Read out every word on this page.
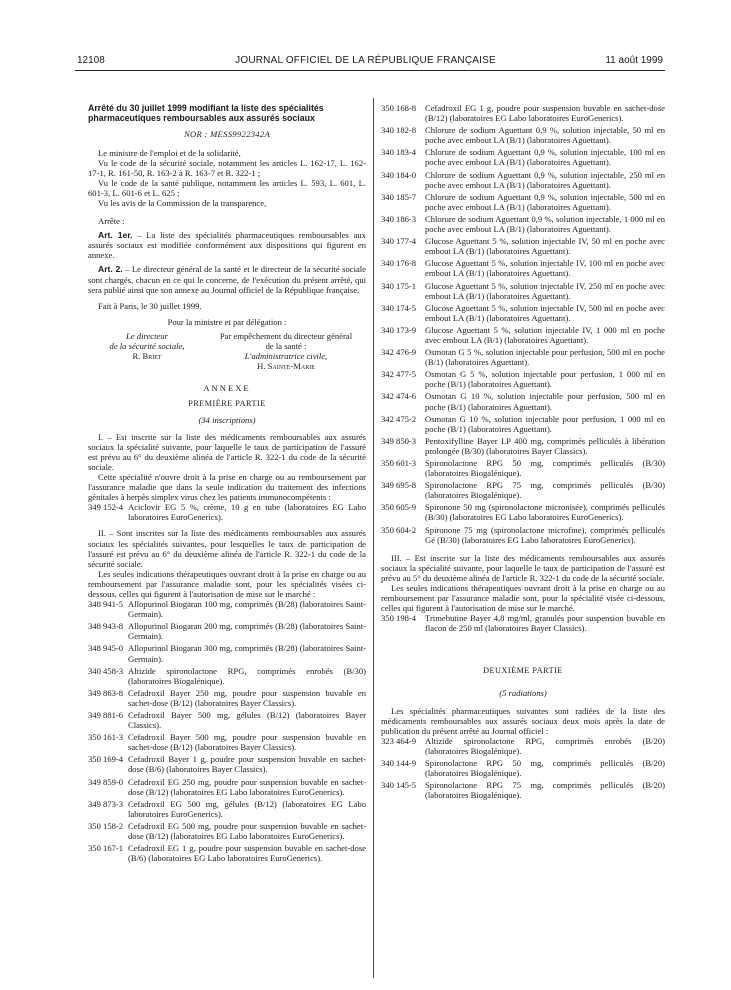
12108	JOURNAL OFFICIEL DE LA RÉPUBLIQUE FRANÇAISE	11 août 1999
Arrêté du 30 juillet 1999 modifiant la liste des spécialités pharmaceutiques remboursables aux assurés sociaux
NOR : MESS9922342A

Le ministre de l'emploi et de la solidarité,

Vu le code de la sécurité sociale, notamment les articles L. 162-17, L. 162-17-1, R. 161-50, R. 163-2 à R. 163-7 et R. 322-1 ;

Vu le code de la santé publique, notamment les articles L. 593, L. 601, L. 601-3, L. 601-6 et L. 625 ;

Vu les avis de la Commission de la transparence,

Arrête :

Art. 1er. – La liste des spécialités pharmaceutiques remboursables aux assurés sociaux est modifiée conformément aux dispositions qui figurent en annexe.

Art. 2. – Le directeur général de la santé et le directeur de la sécurité sociale sont chargés, chacun en ce qui le concerne, de l'exécution du présent arrêté, qui sera publié ainsi que son annexe au Journal officiel de la République française.

Fait à Paris, le 30 juillet 1999.

Pour la ministre et par délégation :

Le directeur
de la sécurité sociale,
R. Briet
Par empêchement du directeur général
de la santé :
L'administratrice civile,
H. Sainte-Marie
ANNEXE
PREMIÈRE PARTIE
(34 inscriptions)

I. – Est inscrite sur la liste des médicaments remboursables aux assurés sociaux la spécialité suivante, pour laquelle le taux de participation de l'assuré est prévu au 6° du deuxième alinéa de l'article R. 322-1 du code de la sécurité sociale.

Cette spécialité n'ouvre droit à la prise en charge ou au remboursement par l'assurance maladie que dans la seule indication du traitement des infections génitales à herpès simplex virus chez les patients immunocompétents :

349 152-4 Aciclovir EG 5 %, crème, 10 g en tube (laboratoires EG Labo laboratoires EuroGenerics).

II. – Sont inscrites sur la liste des médicaments remboursables aux assurés sociaux les spécialités suivantes, pour lesquelles le taux de participation de l'assuré est prévu au 6° du deuxième alinéa de l'article R. 322-1 du code de la sécurité sociale.

Les seules indications thérapeutiques ouvrant droit à la prise en charge ou au remboursement par l'assurance maladie sont, pour les spécialités visées ci-dessous, celles qui figurent à l'autorisation de mise sur le marché :

348 941-5 Allopurinol Biogaran 100 mg, comprimés (B/28) (laboratoires Saint-Germain).
348 943-8 Allopurinol Biogaran 200 mg, comprimés (B/28) (laboratoires Saint-Germain).
348 945-0 Allopurinol Biogaran 300 mg, comprimés (B/28) (laboratoires Saint-Germain).
340 458-3 Altizide spironolactone RPG, comprimés enrobés (B/30) (laboratoires Biogalénique).
349 863-8 Cefadroxil Bayer 250 mg, poudre pour suspension buvable en sachet-dose (B/12) (laboratoires Bayer Classics).
349 881-6 Cefadroxil Bayer 500 mg, gélules (B/12) (laboratoires Bayer Classics).
350 161-3 Cefadroxil Bayer 500 mg, poudre pour suspension buvable en sachet-dose (B/12) (laboratoires Bayer Classics).
350 169-4 Cefadroxil Bayer 1 g, poudre pour suspension buvable en sachet-dose (B/6) (laboratoires Bayer Classics).
349 859-0 Cefadroxil EG 250 mg, poudre pour suspension buvable en sachet-dose (B/12) (laboratoires EG Labo laboratoires EuroGenerics).
349 873-3 Cefadroxil EG 500 mg, gélules (B/12) (laboratoires EG Labo laboratoires EuroGenerics).
350 158-2 Cefadroxil EG 500 mg, poudre pour suspension buvable en sachet-dose (B/12) (laboratoires EG Labo laboratoires EuroGenerics).
350 167-1 Cefadroxil EG 1 g, poudre pour suspension buvable en sachet-dose (B/6) (laboratoires EG Labo laboratoires EuroGenerics).
350 168-8	Cefadroxil EG 1 g, poudre pour suspension buvable en sachet-dose (B/12) (laboratoires EG Labo laboratoires EuroGenerics).
340 182-8	Chlorure de sodium Aguettant 0,9 %, solution injectable, 50 ml en poche avec embout LA (B/1) (laboratoires Aguettant).
340 183-4	Chlorure de sodium Aguettant 0,9 %, solution injectable, 100 ml en poche avec embout LA (B/1) (laboratoires Aguettant).
340 184-0	Chlorure de sodium Aguettant 0,9 %, solution injectable, 250 ml en poche avec embout LA (B/1) (laboratoires Aguettant).
340 185-7	Chlorure de sodium Aguettant 0,9 %, solution injectable, 500 ml en poche avec embout LA (B/1) (laboratoires Aguettant).
340 186-3	Chlorure de sodium Aguettant 0,9 %, solution injectable, 1 000 ml en poche avec embout LA (B/1) (laboratoires Aguettant).
340 177-4	Glucose Aguettant 5 %, solution injectable IV, 50 ml en poche avec embout LA (B/1) (laboratoires Aguettant).
340 176-8	Glucose Aguettant 5 %, solution injectable IV, 100 ml en poche avec embout LA (B/1) (laboratoires Aguettant).
340 175-1	Glucose Aguettant 5 %, solution injectable IV, 250 ml en poche avec embout LA (B/1) (laboratoires Aguettant).
340 174-5	Glucose Aguettant 5 %, solution injectable IV, 500 ml en poche avec embout LA (B/1) (laboratoires Aguettant).
340 173-9	Glucose Aguettant 5 %, solution injectable IV, 1 000 ml en poche avec embout LA (B/1) (laboratoires Aguettant).
342 476-9	Osmotan G 5 %, solution injectable pour perfusion, 500 ml en poche (B/1) (laboratoires Aguettant).
342 477-5	Osmotan G 5 %, solution injectable pour perfusion, 1 000 ml en poche (B/1) (laboratoires Aguettant).
342 474-6	Osmotan G 10 %, solution injectable pour perfusion, 500 ml en poche (B/1) (laboratoires Aguettant).
342 475-2	Osmotan G 10 %, solution injectable pour perfusion, 1 000 ml en poche (B/1) (laboratoires Aguettant).
349 850-3	Pentoxifylline Bayer LP 400 mg, comprimés pelliculés à libération prolongée (B/30) (laboratoires Bayer Classics).
350 601-3	Spironolactone RPG 50 mg, comprimés pelliculés (B/30) (laboratoires Biogalénique).
349 695-8	Spironolactone RPG 75 mg, comprimés pelliculés (B/30) (laboratoires Biogalénique).
350 605-9	Spironone 50 mg (spironolactone micronisée), comprimés pelliculés (B/30) (laboratoires EG Labo laboratoires EuroGenerics).
350 604-2	Spironone 75 mg (spironolactone microfine), comprimés pelliculés Gé (B/30) (laboratoires EG Labo laboratoires EuroGenerics).

III. – Est inscrite sur la liste des médicaments remboursables aux assurés sociaux la spécialité suivante, pour laquelle le taux de participation de l'assuré est prévu au 5° du deuxième alinéa de l'article R. 322-1 du code de la sécurité sociale.

Les seules indications thérapeutiques ouvrant droit à la prise en charge ou au remboursement par l'assurance maladie sont, pour la spécialité visée ci-dessous, celles qui figurent à l'autorisation de mise sur le marché.

350 198-4	Trimebutine Bayer 4,8 mg/ml, granulés pour suspension buvable en flacon de 250 ml (laboratoires Bayer Classics).
DEUXIÈME PARTIE
(5 radiations)

Les spécialités pharmaceutiques suivantes sont radiées de la liste des médicaments remboursables aux assurés sociaux deux mois après la date de publication du présent arrêté au Journal officiel :

323 464-9	Altizide spironolactone RPG, comprimés enrobés (B/20) (laboratoires Biogalénique).
340 144-9	Spironolactone RPG 50 mg, comprimés pelliculés (B/20) (laboratoires Biogalénique).
340 145-5	Spironolactone RPG 75 mg, comprimés pelliculés (B/20) (laboratoires Biogalénique).
